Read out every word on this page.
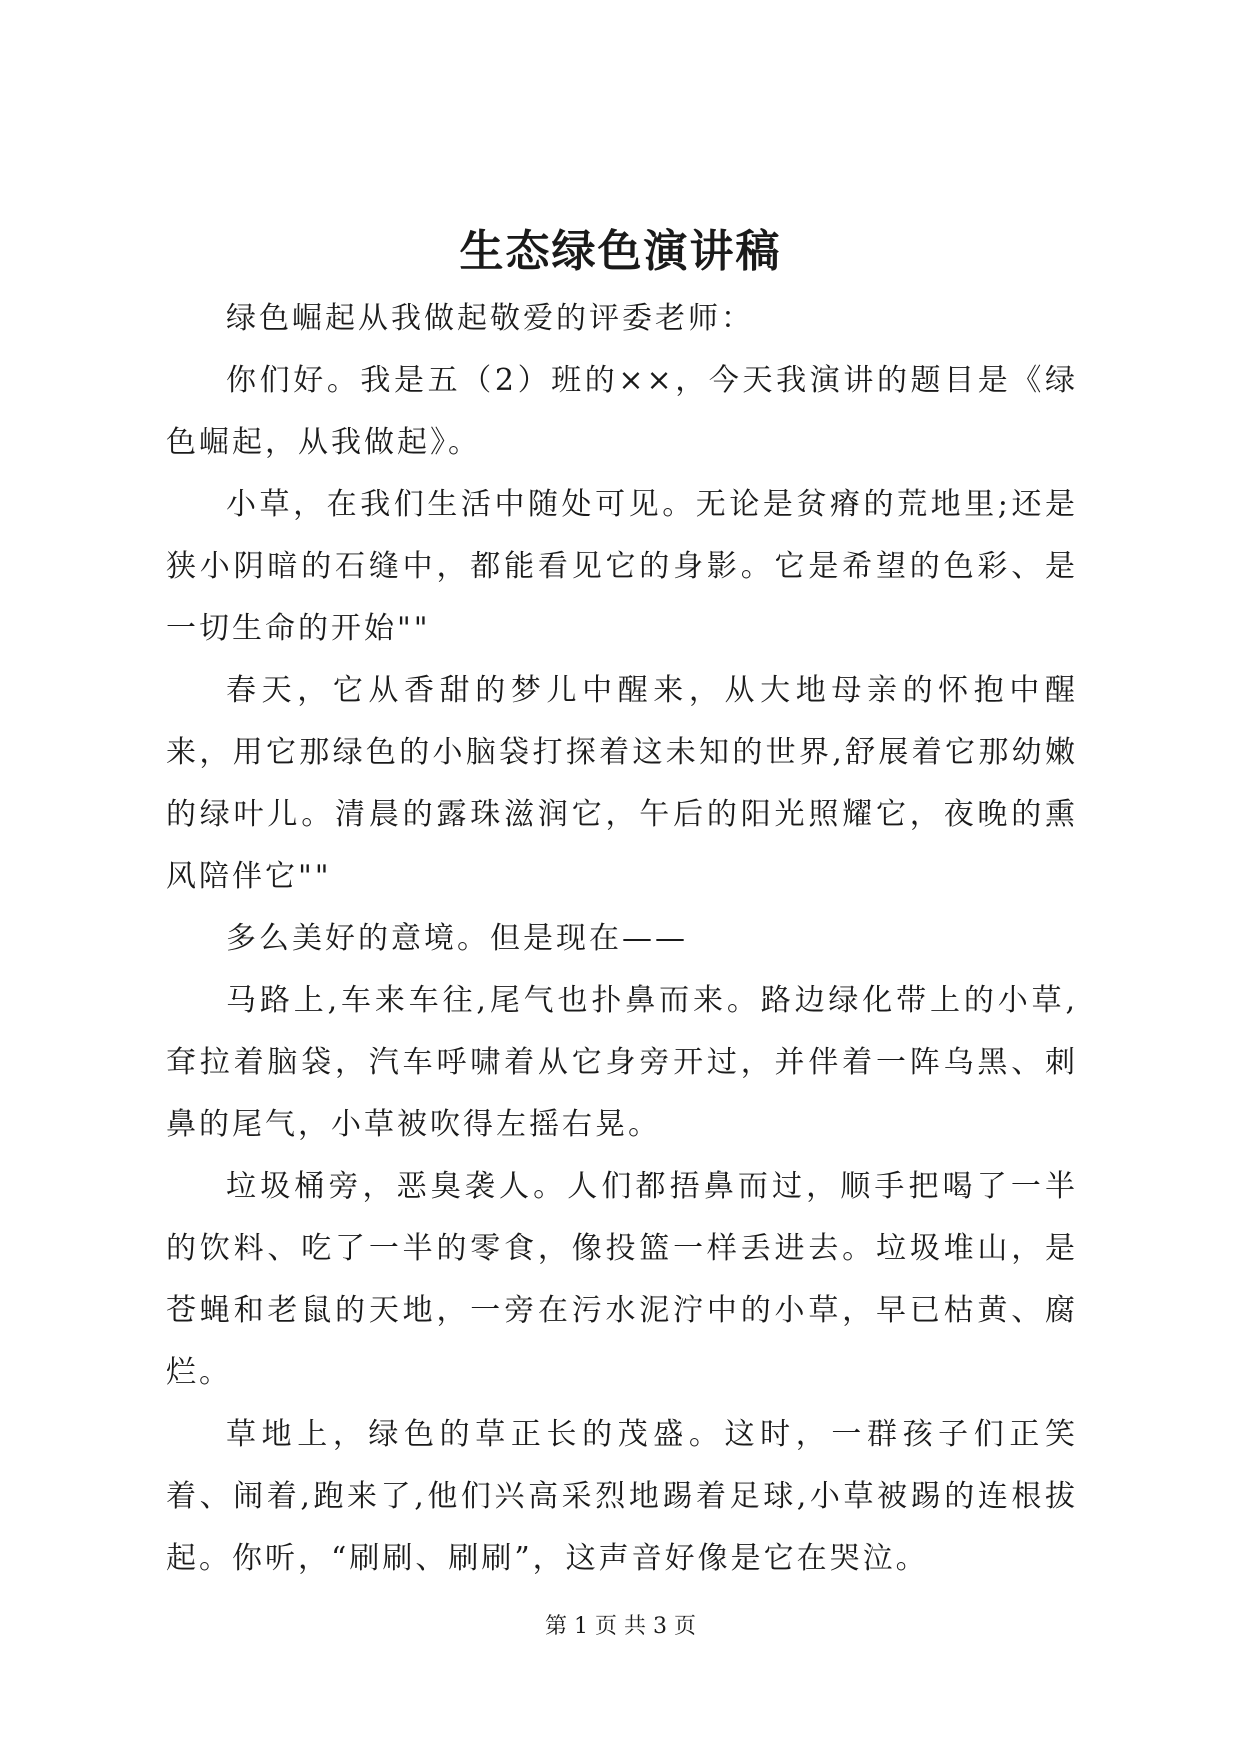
生态绿色演讲稿

绿色崛起从我做起敬爱的评委老师：

你们好。我是五（2）班的××，今天我演讲的题目是《绿色崛起，从我做起》。

小草，在我们生活中随处可见。无论是贫瘠的荒地里;还是狭小阴暗的石缝中，都能看见它的身影。它是希望的色彩、是一切生命的开始""

春天，它从香甜的梦儿中醒来，从大地母亲的怀抱中醒来，用它那绿色的小脑袋打探着这未知的世界,舒展着它那幼嫩的绿叶儿。清晨的露珠滋润它，午后的阳光照耀它，夜晚的熏风陪伴它""

多么美好的意境。但是现在——

马路上,车来车往,尾气也扑鼻而来。路边绿化带上的小草,耷拉着脑袋，汽车呼啸着从它身旁开过，并伴着一阵乌黑、刺鼻的尾气，小草被吹得左摇右晃。

垃圾桶旁，恶臭袭人。人们都捂鼻而过，顺手把喝了一半的饮料、吃了一半的零食，像投篮一样丢进去。垃圾堆山，是苍蝇和老鼠的天地，一旁在污水泥泞中的小草，早已枯黄、腐烂。

草地上，绿色的草正长的茂盛。这时，一群孩子们正笑着、闹着,跑来了,他们兴高采烈地踢着足球,小草被踢的连根拔起。你听，“刷刷、刷刷”，这声音好像是它在哭泣。

第 1 页 共 3 页
